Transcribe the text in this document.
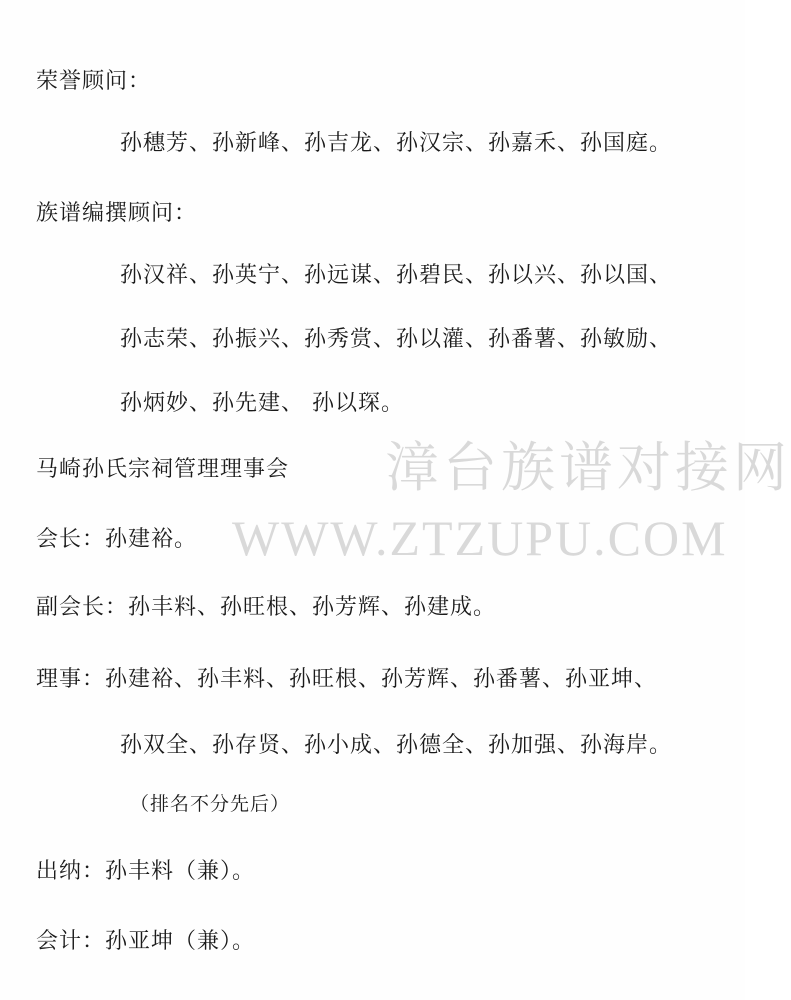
荣誉顾问：
孙穗芳、孙新峰、孙吉龙、孙汉宗、孙嘉禾、孙国庭。
族谱编撰顾问：
孙汉祥、孙英宁、孙远谋、孙碧民、孙以兴、孙以国、
孙志荣、孙振兴、孙秀赏、孙以灌、孙番薯、孙敏励、
孙炳妙、孙先建、 孙以琛。
马崎孙氏宗祠管理理事会
会长：孙建裕。
副会长：孙丰料、孙旺根、孙芳辉、孙建成。
理事：孙建裕、孙丰料、孙旺根、孙芳辉、孙番薯、孙亚坤、
孙双全、孙存贤、孙小成、孙德全、孙加强、孙海岸。
（排名不分先后）
出纳：孙丰料（兼）。
会计：孙亚坤（兼）。
漳台族谱对接网
WWW.ZTZUPU.COM
